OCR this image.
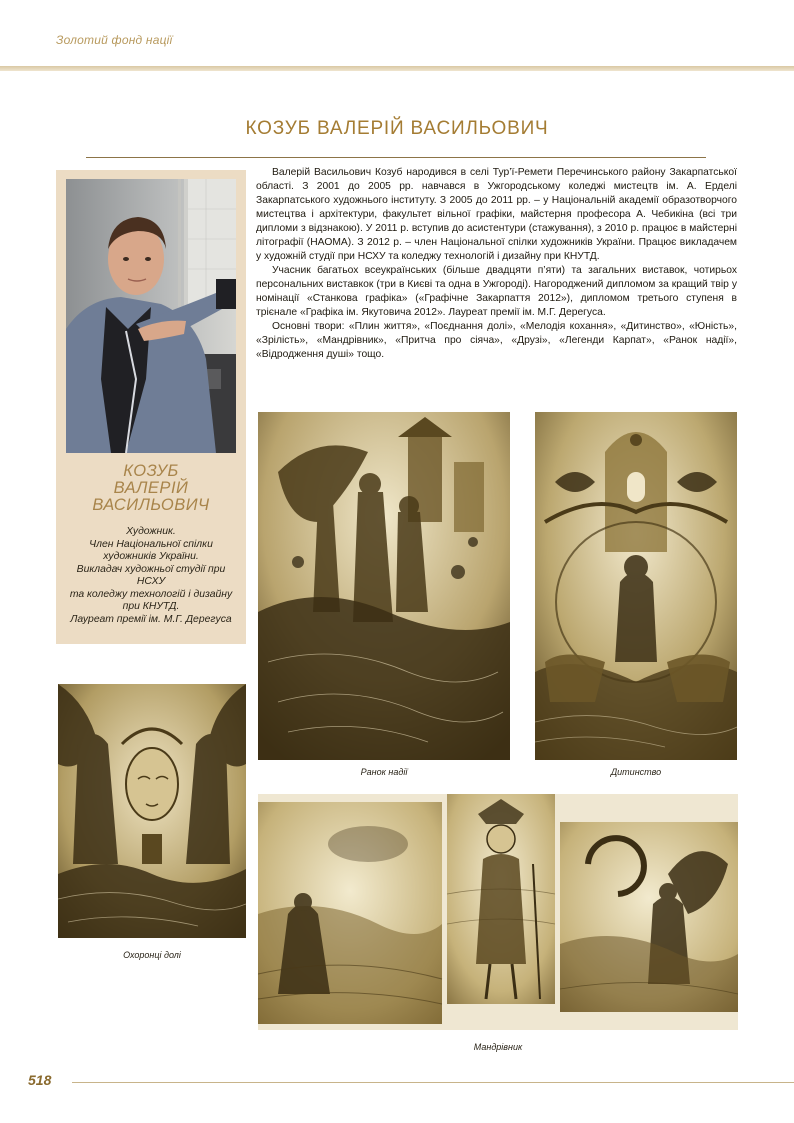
Золотий фонд нації
КОЗУБ ВАЛЕРІЙ ВАСИЛЬОВИЧ
КОЗУБ
ВАЛЕРІЙ
ВАСИЛЬОВИЧ
Художник.
Член Національної спілки
художників України.
Викладач художньої студії при
НСХУ
та коледжу технологій і дизайну
при КНУТД.
Лауреат премії ім. М.Г. Дерегуса

Валерій Васильович Козуб народився в селі Тур’ї-Ремети Перечинського району Закарпатської області. З 2001 до 2005 рр. навчався в Ужгородському коледжі мистецтв ім. А. Ерделі Закарпатського художнього інституту. З 2005 до 2011 рр. – у Національній академії образотворчого мистецтва і архітектури, факультет вільної графіки, майстерня професора А. Чебикіна (всі три дипломи з відзнакою). У 2011 р. вступив до асистентури (стажування), з 2010 р. працює в майстерні літографії (НАОМА). З 2012 р. – член Національної спілки художників України. Працює викладачем у художній студії при НСХУ та коледжу технологій і дизайну при КНУТД.

Учасник багатьох всеукраїнських (більше двадцяти п’яти) та загальних виставок, чотирьох персональних виставкок (три в Києві та одна в Ужгороді). Нагороджений дипломом за кращий твір у номінації «Станкова графіка» («Графічне Закарпаття 2012»), дипломом третього ступеня в трієнале «Графіка ім. Якутовича 2012». Лауреат премії ім. М.Г. Дерегуса.

Основні твори: «Плин життя», «Поєднання долі», «Мелодія кохання», «Дитинство», «Юність», «Зрілість», «Мандрівник», «Притча про сіяча», «Друзі», «Легенди Карпат», «Ранок надії», «Відродження душі» тощо.

Ранок надії	Дитинство
Охоронці долі
Мандрівник
518
